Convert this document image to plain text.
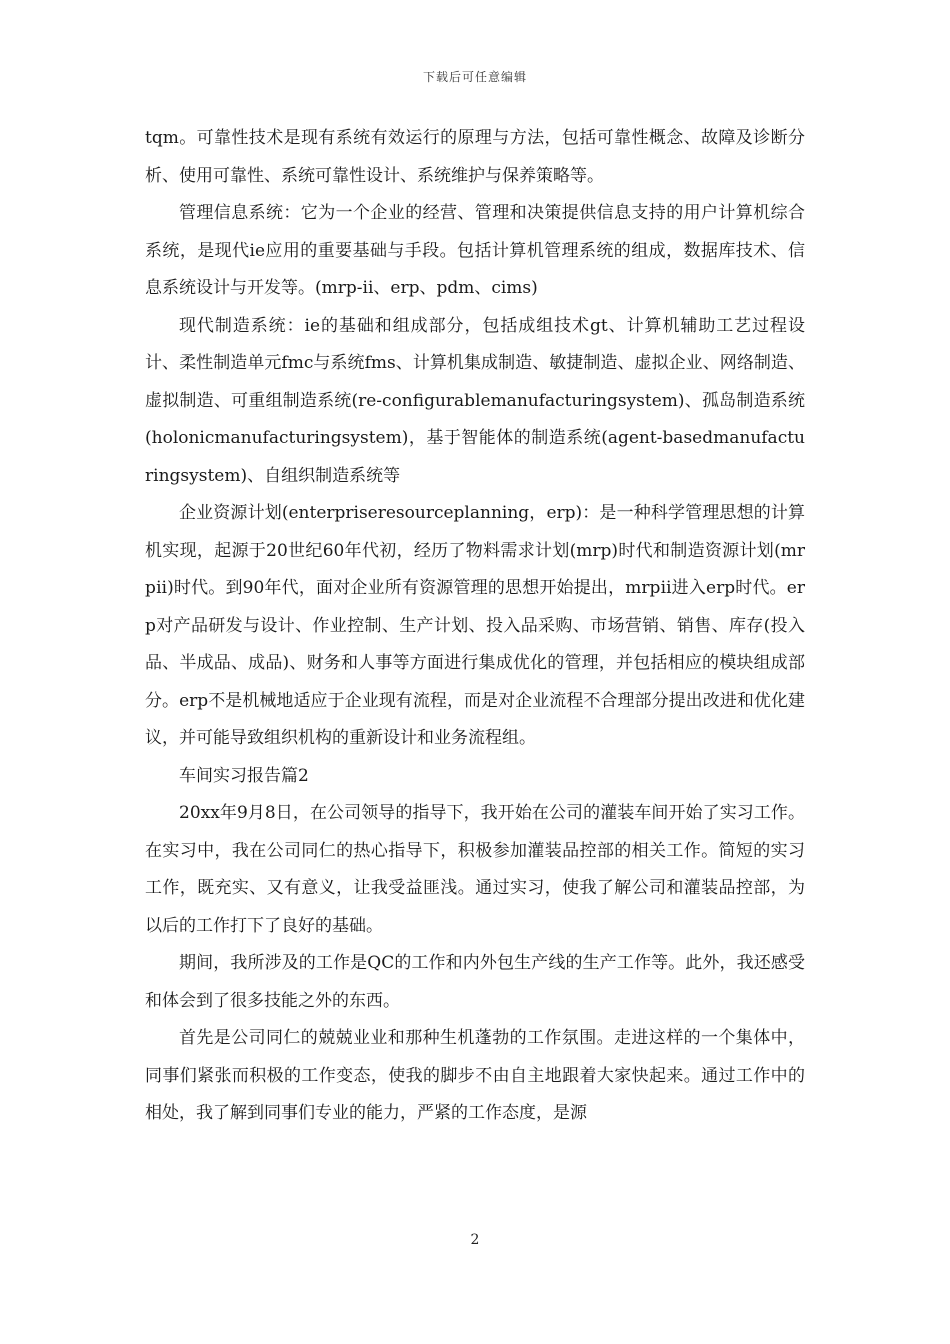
下载后可任意编辑

tqm。可靠性技术是现有系统有效运行的原理与方法，包括可靠性概念、故障及诊断分析、使用可靠性、系统可靠性设计、系统维护与保养策略等。

管理信息系统：它为一个企业的经营、管理和决策提供信息支持的用户计算机综合系统，是现代ie应用的重要基础与手段。包括计算机管理系统的组成，数据库技术、信息系统设计与开发等。(mrp-ii、erp、pdm、cims)

现代制造系统：ie的基础和组成部分，包括成组技术gt、计算机辅助工艺过程设计、柔性制造单元fmc与系统fms、计算机集成制造、敏捷制造、虚拟企业、网络制造、虚拟制造、可重组制造系统(re-configurablemanufacturingsystem)、孤岛制造系统(holonicmanufacturingsystem)，基于智能体的制造系统(agent-basedmanufacturingsystem)、自组织制造系统等

企业资源计划(enterpriseresourceplanning，erp)：是一种科学管理思想的计算机实现，起源于20世纪60年代初，经历了物料需求计划(mrp)时代和制造资源计划(mrpⅱ)时代。到90年代，面对企业所有资源管理的思想开始提出，mrpⅱ进入erp时代。erp对产品研发与设计、作业控制、生产计划、投入品采购、市场营销、销售、库存(投入品、半成品、成品)、财务和人事等方面进行集成优化的管理，并包括相应的模块组成部分。erp不是机械地适应于企业现有流程，而是对企业流程不合理部分提出改进和优化建议，并可能导致组织机构的重新设计和业务流程组。

车间实习报告篇2

20xx年9月8日，在公司领导的指导下，我开始在公司的灌装车间开始了实习工作。在实习中，我在公司同仁的热心指导下，积极参加灌装品控部的相关工作。简短的实习工作，既充实、又有意义，让我受益匪浅。通过实习，使我了解公司和灌装品控部，为以后的工作打下了良好的基础。

期间，我所涉及的工作是QC的工作和内外包生产线的生产工作等。此外，我还感受和体会到了很多技能之外的东西。

首先是公司同仁的兢兢业业和那种生机蓬勃的工作氛围。走进这样的一个集体中，同事们紧张而积极的工作变态，使我的脚步不由自主地跟着大家快起来。通过工作中的相处，我了解到同事们专业的能力，严紧的工作态度，是源

2
